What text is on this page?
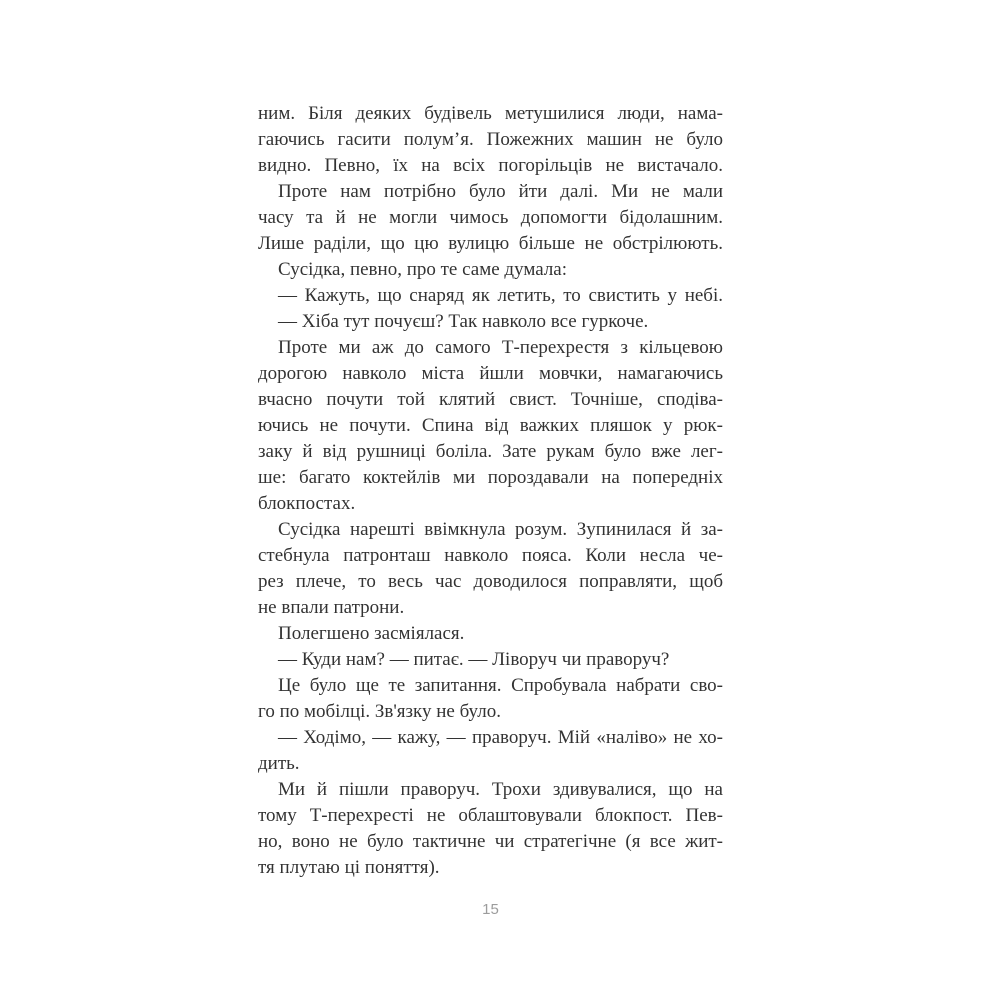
ним. Біля деяких будівель метушилися люди, нама-
гаючись гасити полум’я. Пожежних машин не було
видно. Певно, їх на всіх погорільців не вистачало.
Проте нам потрібно було йти далі. Ми не мали
часу та й не могли чимось допомогти бідолашним.
Лише раділи, що цю вулицю більше не обстрілюють.
Сусідка, певно, про те саме думала:
— Кажуть, що снаряд як летить, то свистить у небі.
— Хіба тут почуєш? Так навколо все гуркоче.
Проте ми аж до самого Т-перехрестя з кільцевою
дорогою навколо міста йшли мовчки, намагаючись
вчасно почути той клятий свист. Точніше, сподіва-
ючись не почути. Спина від важких пляшок у рюк-
заку й від рушниці боліла. Зате рукам було вже лег-
ше: багато коктейлів ми пороздавали на попередніх
блокпостах.
Сусідка нарешті ввімкнула розум. Зупинилася й за-
стебнула патронташ навколо пояса. Коли несла че-
рез плече, то весь час доводилося поправляти, щоб
не впали патрони.
Полегшено засміялася.
— Куди нам? — питає. — Ліворуч чи праворуч?
Це було ще те запитання. Спробувала набрати сво-
го по мобілці. Зв'язку не було.
— Ходімо, — кажу, — праворуч. Мій «наліво» не хо-
дить.
Ми й пішли праворуч. Трохи здивувалися, що на
тому Т-перехресті не облаштовували блокпост. Пев-
но, воно не було тактичне чи стратегічне (я все жит-
тя плутаю ці поняття).
15
